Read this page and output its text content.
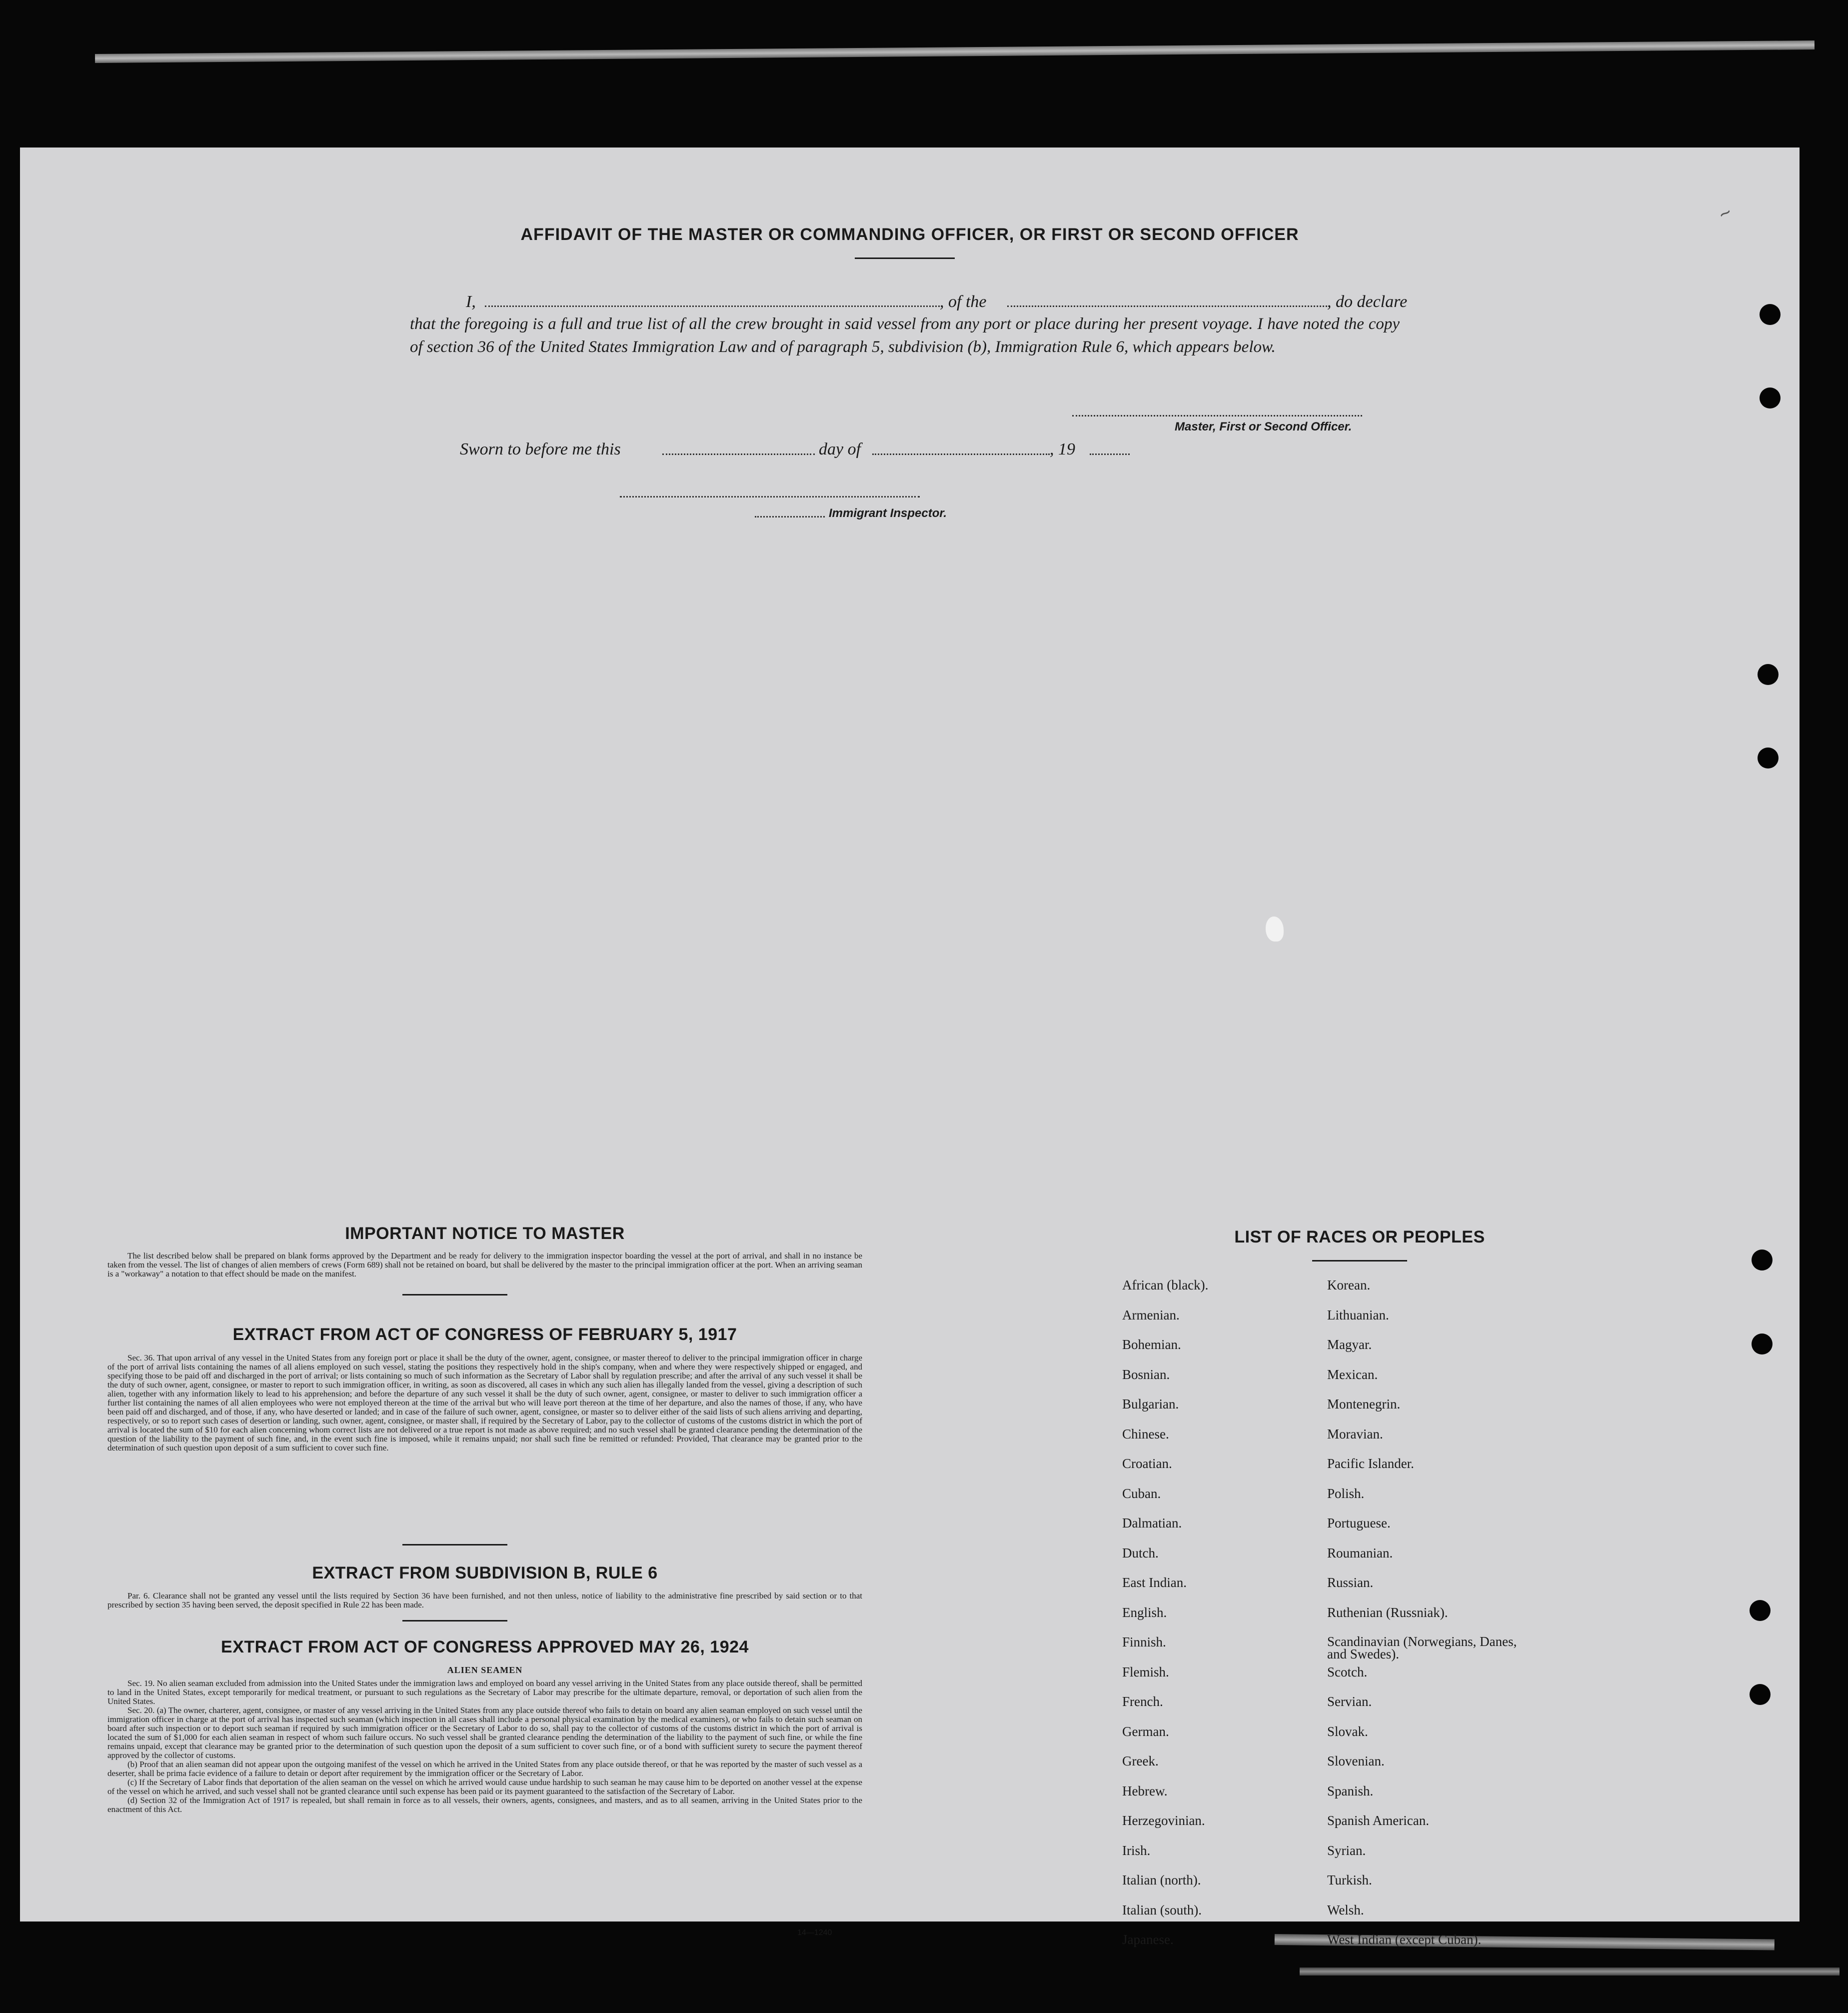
~
AFFIDAVIT OF THE MASTER OR COMMANDING OFFICER, OR FIRST OR SECOND OFFICER
I,	, of the	, do declare
that the foregoing is a full and true list of all the crew brought in said vessel from any port or place during her present voyage. I have noted the copy of section 36 of the United States Immigration Law and of paragraph 5, subdivision (b), Immigration Rule 6, which appears below.
Master, First or Second Officer.
Sworn to before me this	day of	, 19
Immigrant Inspector.
IMPORTANT NOTICE TO MASTER
The list described below shall be prepared on blank forms approved by the Department and be ready for delivery to the immigration inspector boarding the vessel at the port of arrival, and shall in no instance be taken from the vessel. The list of changes of alien members of crews (Form 689) shall not be retained on board, but shall be delivered by the master to the principal immigration officer at the port. When an arriving seaman is a "workaway" a notation to that effect should be made on the manifest.
EXTRACT FROM ACT OF CONGRESS OF FEBRUARY 5, 1917
Sec. 36. That upon arrival of any vessel in the United States from any foreign port or place it shall be the duty of the owner, agent, consignee, or master thereof to deliver to the principal immigration officer in charge of the port of arrival lists containing the names of all aliens employed on such vessel, stating the positions they respectively hold in the ship's company, when and where they were respectively shipped or engaged, and specifying those to be paid off and discharged in the port of arrival; or lists containing so much of such information as the Secretary of Labor shall by regulation prescribe; and after the arrival of any such vessel it shall be the duty of such owner, agent, consignee, or master to report to such immigration officer, in writing, as soon as discovered, all cases in which any such alien has illegally landed from the vessel, giving a description of such alien, together with any information likely to lead to his apprehension; and before the departure of any such vessel it shall be the duty of such owner, agent, consignee, or master to deliver to such immigration officer a further list containing the names of all alien employees who were not employed thereon at the time of the arrival but who will leave port thereon at the time of her departure, and also the names of those, if any, who have been paid off and discharged, and of those, if any, who have deserted or landed; and in case of the failure of such owner, agent, consignee, or master so to deliver either of the said lists of such aliens arriving and departing, respectively, or so to report such cases of desertion or landing, such owner, agent, consignee, or master shall, if required by the Secretary of Labor, pay to the collector of customs of the customs district in which the port of arrival is located the sum of $10 for each alien concerning whom correct lists are not delivered or a true report is not made as above required; and no such vessel shall be granted clearance pending the determination of the question of the liability to the payment of such fine, and, in the event such fine is imposed, while it remains unpaid; nor shall such fine be remitted or refunded: Provided, That clearance may be granted prior to the determination of such question upon deposit of a sum sufficient to cover such fine.
EXTRACT FROM SUBDIVISION B, RULE 6
Par. 6. Clearance shall not be granted any vessel until the lists required by Section 36 have been furnished, and not then unless, notice of liability to the administrative fine prescribed by said section or to that prescribed by section 35 having been served, the deposit specified in Rule 22 has been made.
EXTRACT FROM ACT OF CONGRESS APPROVED MAY 26, 1924
ALIEN SEAMEN

Sec. 19. No alien seaman excluded from admission into the United States under the immigration laws and employed on board any vessel arriving in the United States from any place outside thereof, shall be permitted to land in the United States, except temporarily for medical treatment, or pursuant to such regulations as the Secretary of Labor may prescribe for the ultimate departure, removal, or deportation of such alien from the United States.

Sec. 20. (a) The owner, charterer, agent, consignee, or master of any vessel arriving in the United States from any place outside thereof who fails to detain on board any alien seaman employed on such vessel until the immigration officer in charge at the port of arrival has inspected such seaman (which inspection in all cases shall include a personal physical examination by the medical examiners), or who fails to detain such seaman on board after such inspection or to deport such seaman if required by such immigration officer or the Secretary of Labor to do so, shall pay to the collector of customs of the customs district in which the port of arrival is located the sum of $1,000 for each alien seaman in respect of whom such failure occurs. No such vessel shall be granted clearance pending the determination of the liability to the payment of such fine, or while the fine remains unpaid, except that clearance may be granted prior to the determination of such question upon the deposit of a sum sufficient to cover such fine, or of a bond with sufficient surety to secure the payment thereof approved by the collector of customs.

(b) Proof that an alien seaman did not appear upon the outgoing manifest of the vessel on which he arrived in the United States from any place outside thereof, or that he was reported by the master of such vessel as a deserter, shall be prima facie evidence of a failure to detain or deport after requirement by the immigration officer or the Secretary of Labor.

(c) If the Secretary of Labor finds that deportation of the alien seaman on the vessel on which he arrived would cause undue hardship to such seaman he may cause him to be deported on another vessel at the expense of the vessel on which he arrived, and such vessel shall not be granted clearance until such expense has been paid or its payment guaranteed to the satisfaction of the Secretary of Labor.

(d) Section 32 of the Immigration Act of 1917 is repealed, but shall remain in force as to all vessels, their owners, agents, consignees, and masters, and as to all seamen, arriving in the United States prior to the enactment of this Act.

14—1240
LIST OF RACES OR PEOPLES
African (black).
Armenian.
Bohemian.
Bosnian.
Bulgarian.
Chinese.
Croatian.
Cuban.
Dalmatian.
Dutch.
East Indian.
English.
Finnish.
Flemish.
French.
German.
Greek.
Hebrew.
Herzegovinian.
Irish.
Italian (north).
Italian (south).
Japanese.
Korean.
Lithuanian.
Magyar.
Mexican.
Montenegrin.
Moravian.
Pacific Islander.
Polish.
Portuguese.
Roumanian.
Russian.
Ruthenian (Russniak).
Scandinavian (Norwegians, Danes, and Swedes).
Scotch.
Servian.
Slovak.
Slovenian.
Spanish.
Spanish American.
Syrian.
Turkish.
Welsh.
West Indian (except Cuban).
